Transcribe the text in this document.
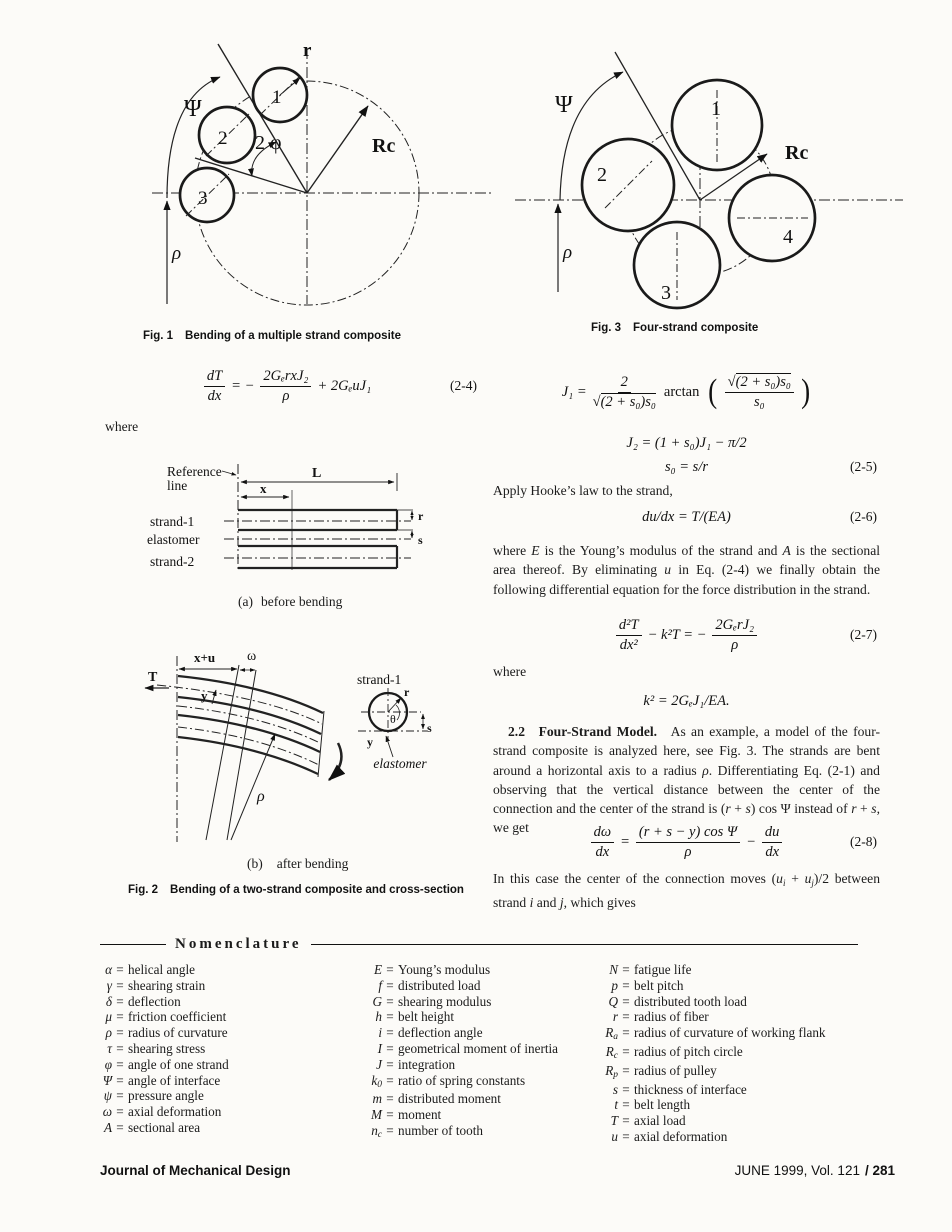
Ψ
r
2 φ	Rc
ρ
1
2
3
Fig. 1 Bending of a multiple strand composite
Ψ
ρ
Rc
1
2
3
4
Fig. 3 Four-strand composite
$\frac{dT}{dx}$ = − $\frac{\text{2GₑrxJ₂}}{\rho} + 2G_euJ_1$	(2-4)

where

Reference
line
L
x
strand-1
elastomer
strand-2
r
s
(a) before bending
x+u ω
T
y
ρ
strand-1
r
θ
s
y
elastomer
(b) after bending
Fig. 2 Bending of a two-strand composite and cross-section
$J_1 = \frac{2}{\text{√(2 + s₀)s₀}}$ arctan ( $\frac{\text{√(2 + s₀)s₀}}{\text{s₀}}$ )
J₂ = (1 + s₀)J₁ − π/2
s₀ = s/r	(2-5)

Apply Hooke’s law to the strand,

du/dx = T/(EA)	(2-6)

where E is the Young’s modulus of the strand and A is the sectional area thereof. By eliminating u in Eq. (2-4) we finally obtain the following differential equation for the force distribution in the strand.

$\frac{\text{d²T}}{\text{dx²}} - k^2T$ = − $\frac{\text{2GₑrJ₂}}{\rho}$	(2-7)

where

k² = 2GₑJ₁/EA.

2.2  Four-Strand Model.  As an example, a model of the four-strand composite is analyzed here, see Fig. 3. The strands are bent around a horizontal axis to a radius ρ. Differentiating Eq. (2-1) and observing that the vertical distance between the center of the connection and the center of the strand is (r + s) cos Ψ instead of r + s, we get	$\frac{d\omega}{dx} = \frac{\text{(r + s − y) cos Ψ}}{\rho} - \frac{du}{dx}$	(2-8)

In this case the center of the connection moves $(u_i + u_j)/2$ between strand i and j, which gives

Nomenclature
α = helical angle
γ = shearing strain
δ = deflection
μ = friction coefficient
ρ = radius of curvature
τ = shearing stress
φ = angle of one strand
Ψ = angle of interface
ψ = pressure angle
ω = axial deformation
A = sectional area
E = Young’s modulus
f = distributed load
G = shearing modulus
h = belt height
i = deflection angle
I = geometrical moment of inertia
J = integration
k 0 = ratio of spring constants
m = distributed moment
M = moment
n c = number of tooth
N = fatigue life
p = belt pitch
Q = distributed tooth load
r = radius of fiber
R a = radius of curvature of working flank
R c = radius of pitch circle
R p = radius of pulley
s = thickness of interface
t = belt length
T = axial load
u = axial deformation
Journal of Mechanical Design	JUNE 1999, Vol. 121 / 281
